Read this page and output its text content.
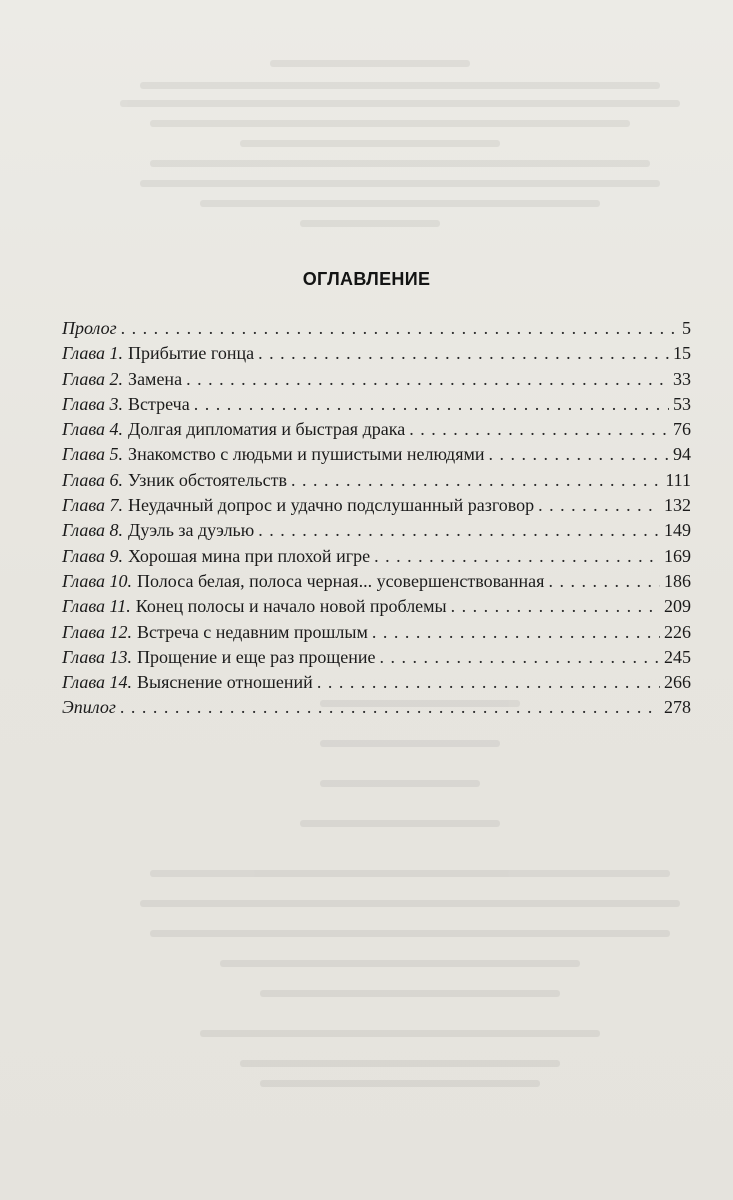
ОГЛАВЛЕНИЕ
Пролог . . .	5
Глава 1. Прибытие гонца . . .	15
Глава 2. Замена . . .	33
Глава 3. Встреча . . .	53
Глава 4. Долгая дипломатия и быстрая драка . . .	76
Глава 5. Знакомство с людьми и пушистыми нелюдями . . .	94
Глава 6. Узник обстоятельств . . .	111
Глава 7. Неудачный допрос и удачно подслушанный разговор . . .	132
Глава 8. Дуэль за дуэлью . . .	149
Глава 9. Хорошая мина при плохой игре . . .	169
Глава 10. Полоса белая, полоса черная... усовершенствованная . . .	186
Глава 11. Конец полосы и начало новой проблемы . . .	209
Глава 12. Встреча с недавним прошлым . . .	226
Глава 13. Прощение и еще раз прощение . . .	245
Глава 14. Выяснение отношений . . .	266
Эпилог . . .	278
